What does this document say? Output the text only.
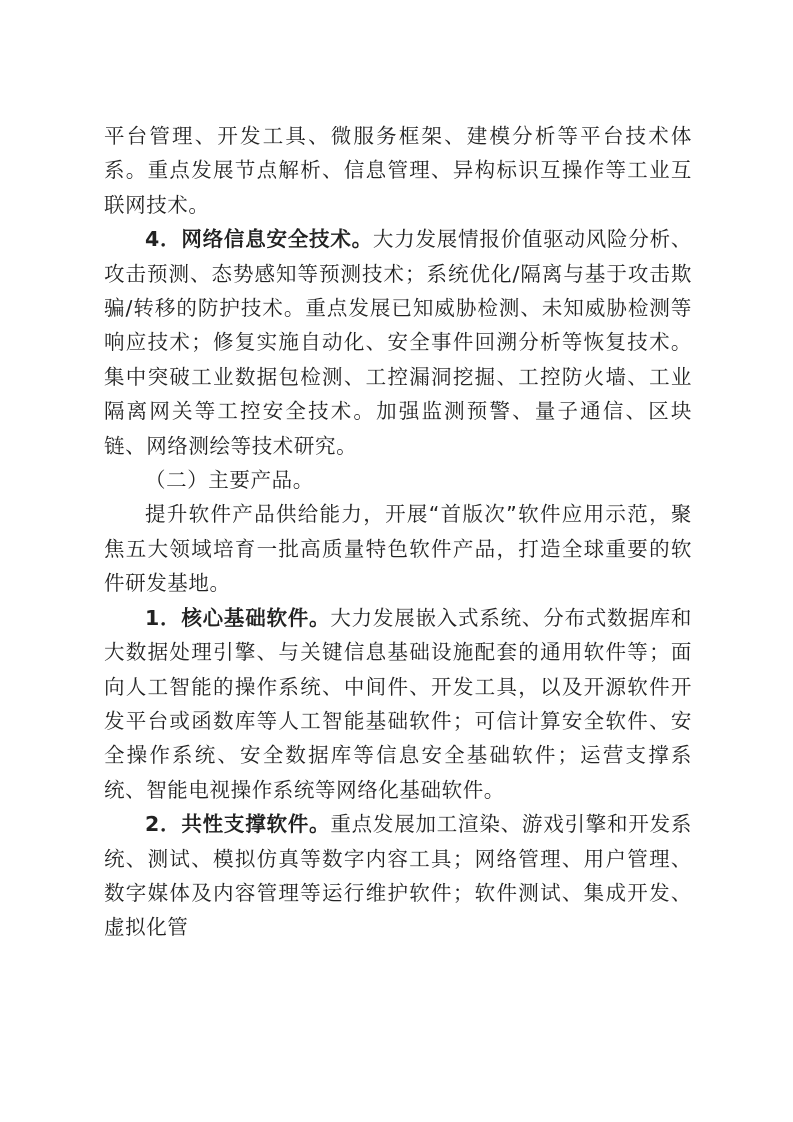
平台管理、开发工具、微服务框架、建模分析等平台技术体系。重点发展节点解析、信息管理、异构标识互操作等工业互联网技术。

4．网络信息安全技术。大力发展情报价值驱动风险分析、攻击预测、态势感知等预测技术；系统优化/隔离与基于攻击欺骗/转移的防护技术。重点发展已知威胁检测、未知威胁检测等响应技术；修复实施自动化、安全事件回溯分析等恢复技术。集中突破工业数据包检测、工控漏洞挖掘、工控防火墙、工业隔离网关等工控安全技术。加强监测预警、量子通信、区块链、网络测绘等技术研究。

（二）主要产品。

提升软件产品供给能力，开展“首版次”软件应用示范，聚焦五大领域培育一批高质量特色软件产品，打造全球重要的软件研发基地。

1．核心基础软件。大力发展嵌入式系统、分布式数据库和大数据处理引擎、与关键信息基础设施配套的通用软件等；面向人工智能的操作系统、中间件、开发工具，以及开源软件开发平台或函数库等人工智能基础软件；可信计算安全软件、安全操作系统、安全数据库等信息安全基础软件；运营支撑系统、智能电视操作系统等网络化基础软件。

2．共性支撑软件。重点发展加工渲染、游戏引擎和开发系统、测试、模拟仿真等数字内容工具；网络管理、用户管理、数字媒体及内容管理等运行维护软件；软件测试、集成开发、虚拟化管
